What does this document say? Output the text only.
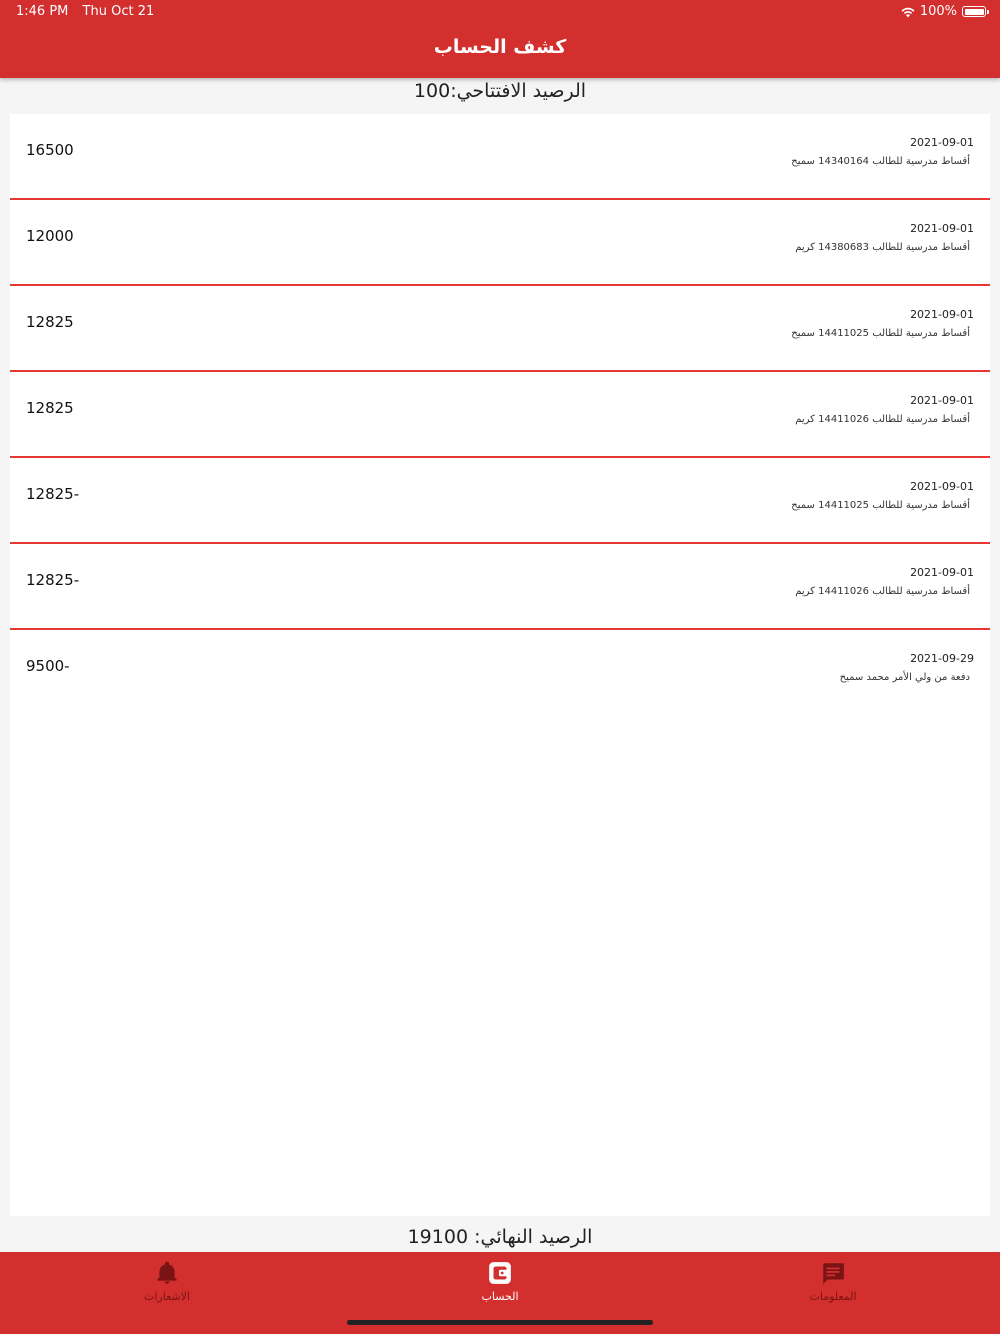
1:46 PM Thu Oct 21	100%
كشف الحساب
الرصيد الافتتاحي:100
16500	2021-09-01
أقساط مدرسية للطالب 14340164 سميح
12000	2021-09-01
أقساط مدرسية للطالب 14380683 كريم
12825	2021-09-01
أقساط مدرسية للطالب 14411025 سميح
12825	2021-09-01
أقساط مدرسية للطالب 14411026 كريم
12825-	2021-09-01
أقساط مدرسية للطالب 14411025 سميح
12825-	2021-09-01
أقساط مدرسية للطالب 14411026 كريم
9500-	2021-09-29
دفعة من ولي الأمر محمد سميح
الرصيد النهائي: 19100
الاشعارات	الحساب	المعلومات
